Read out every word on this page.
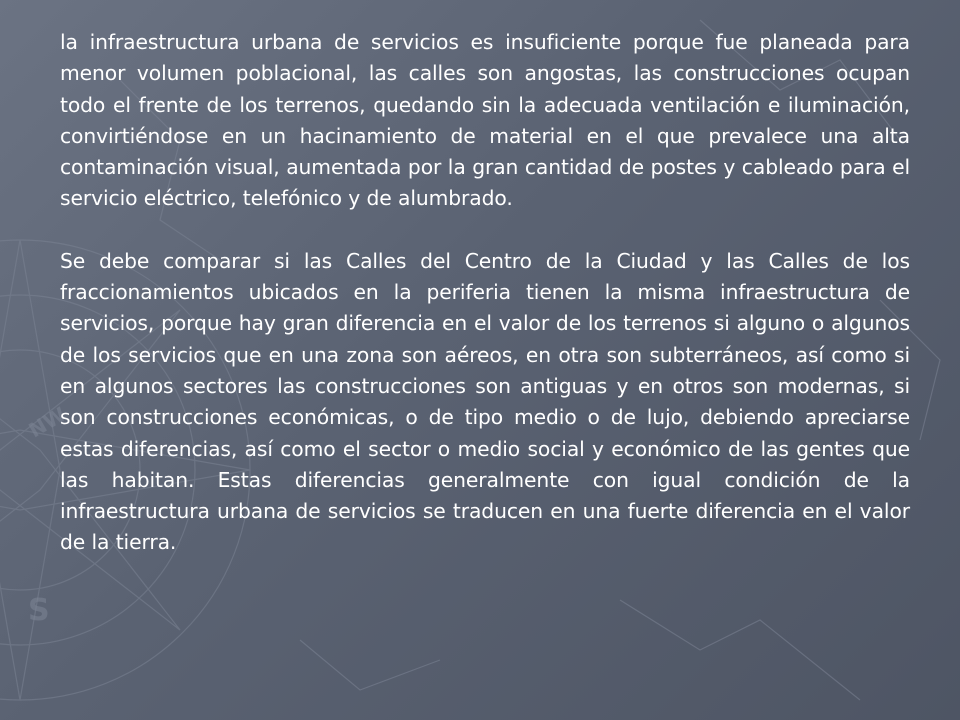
NW
S

la infraestructura urbana de servicios es insuficiente porque fue planeada para menor volumen poblacional, las calles son angostas, las construcciones ocupan todo el frente de los terrenos, quedando sin la adecuada ventilación e iluminación, convirtiéndose en un hacinamiento de material en el que prevalece una alta contaminación visual, aumentada por la gran cantidad de postes y cableado para el servicio eléctrico, telefónico y de alumbrado.

Se debe comparar si las Calles del Centro de la Ciudad y las Calles de los fraccionamientos ubicados en la periferia tienen la misma infraestructura de servicios, porque hay gran diferencia en el valor de los terrenos si alguno o algunos de los servicios que en una zona son aéreos, en otra son subterráneos, así como si en algunos sectores las construcciones son antiguas y en otros son modernas, si son construcciones económicas, o de tipo medio o de lujo, debiendo apreciarse estas diferencias, así como el sector o medio social y económico de las gentes que las habitan. Estas diferencias generalmente con igual condición de la infraestructura urbana de servicios se traducen en una fuerte diferencia en el valor de la tierra.
